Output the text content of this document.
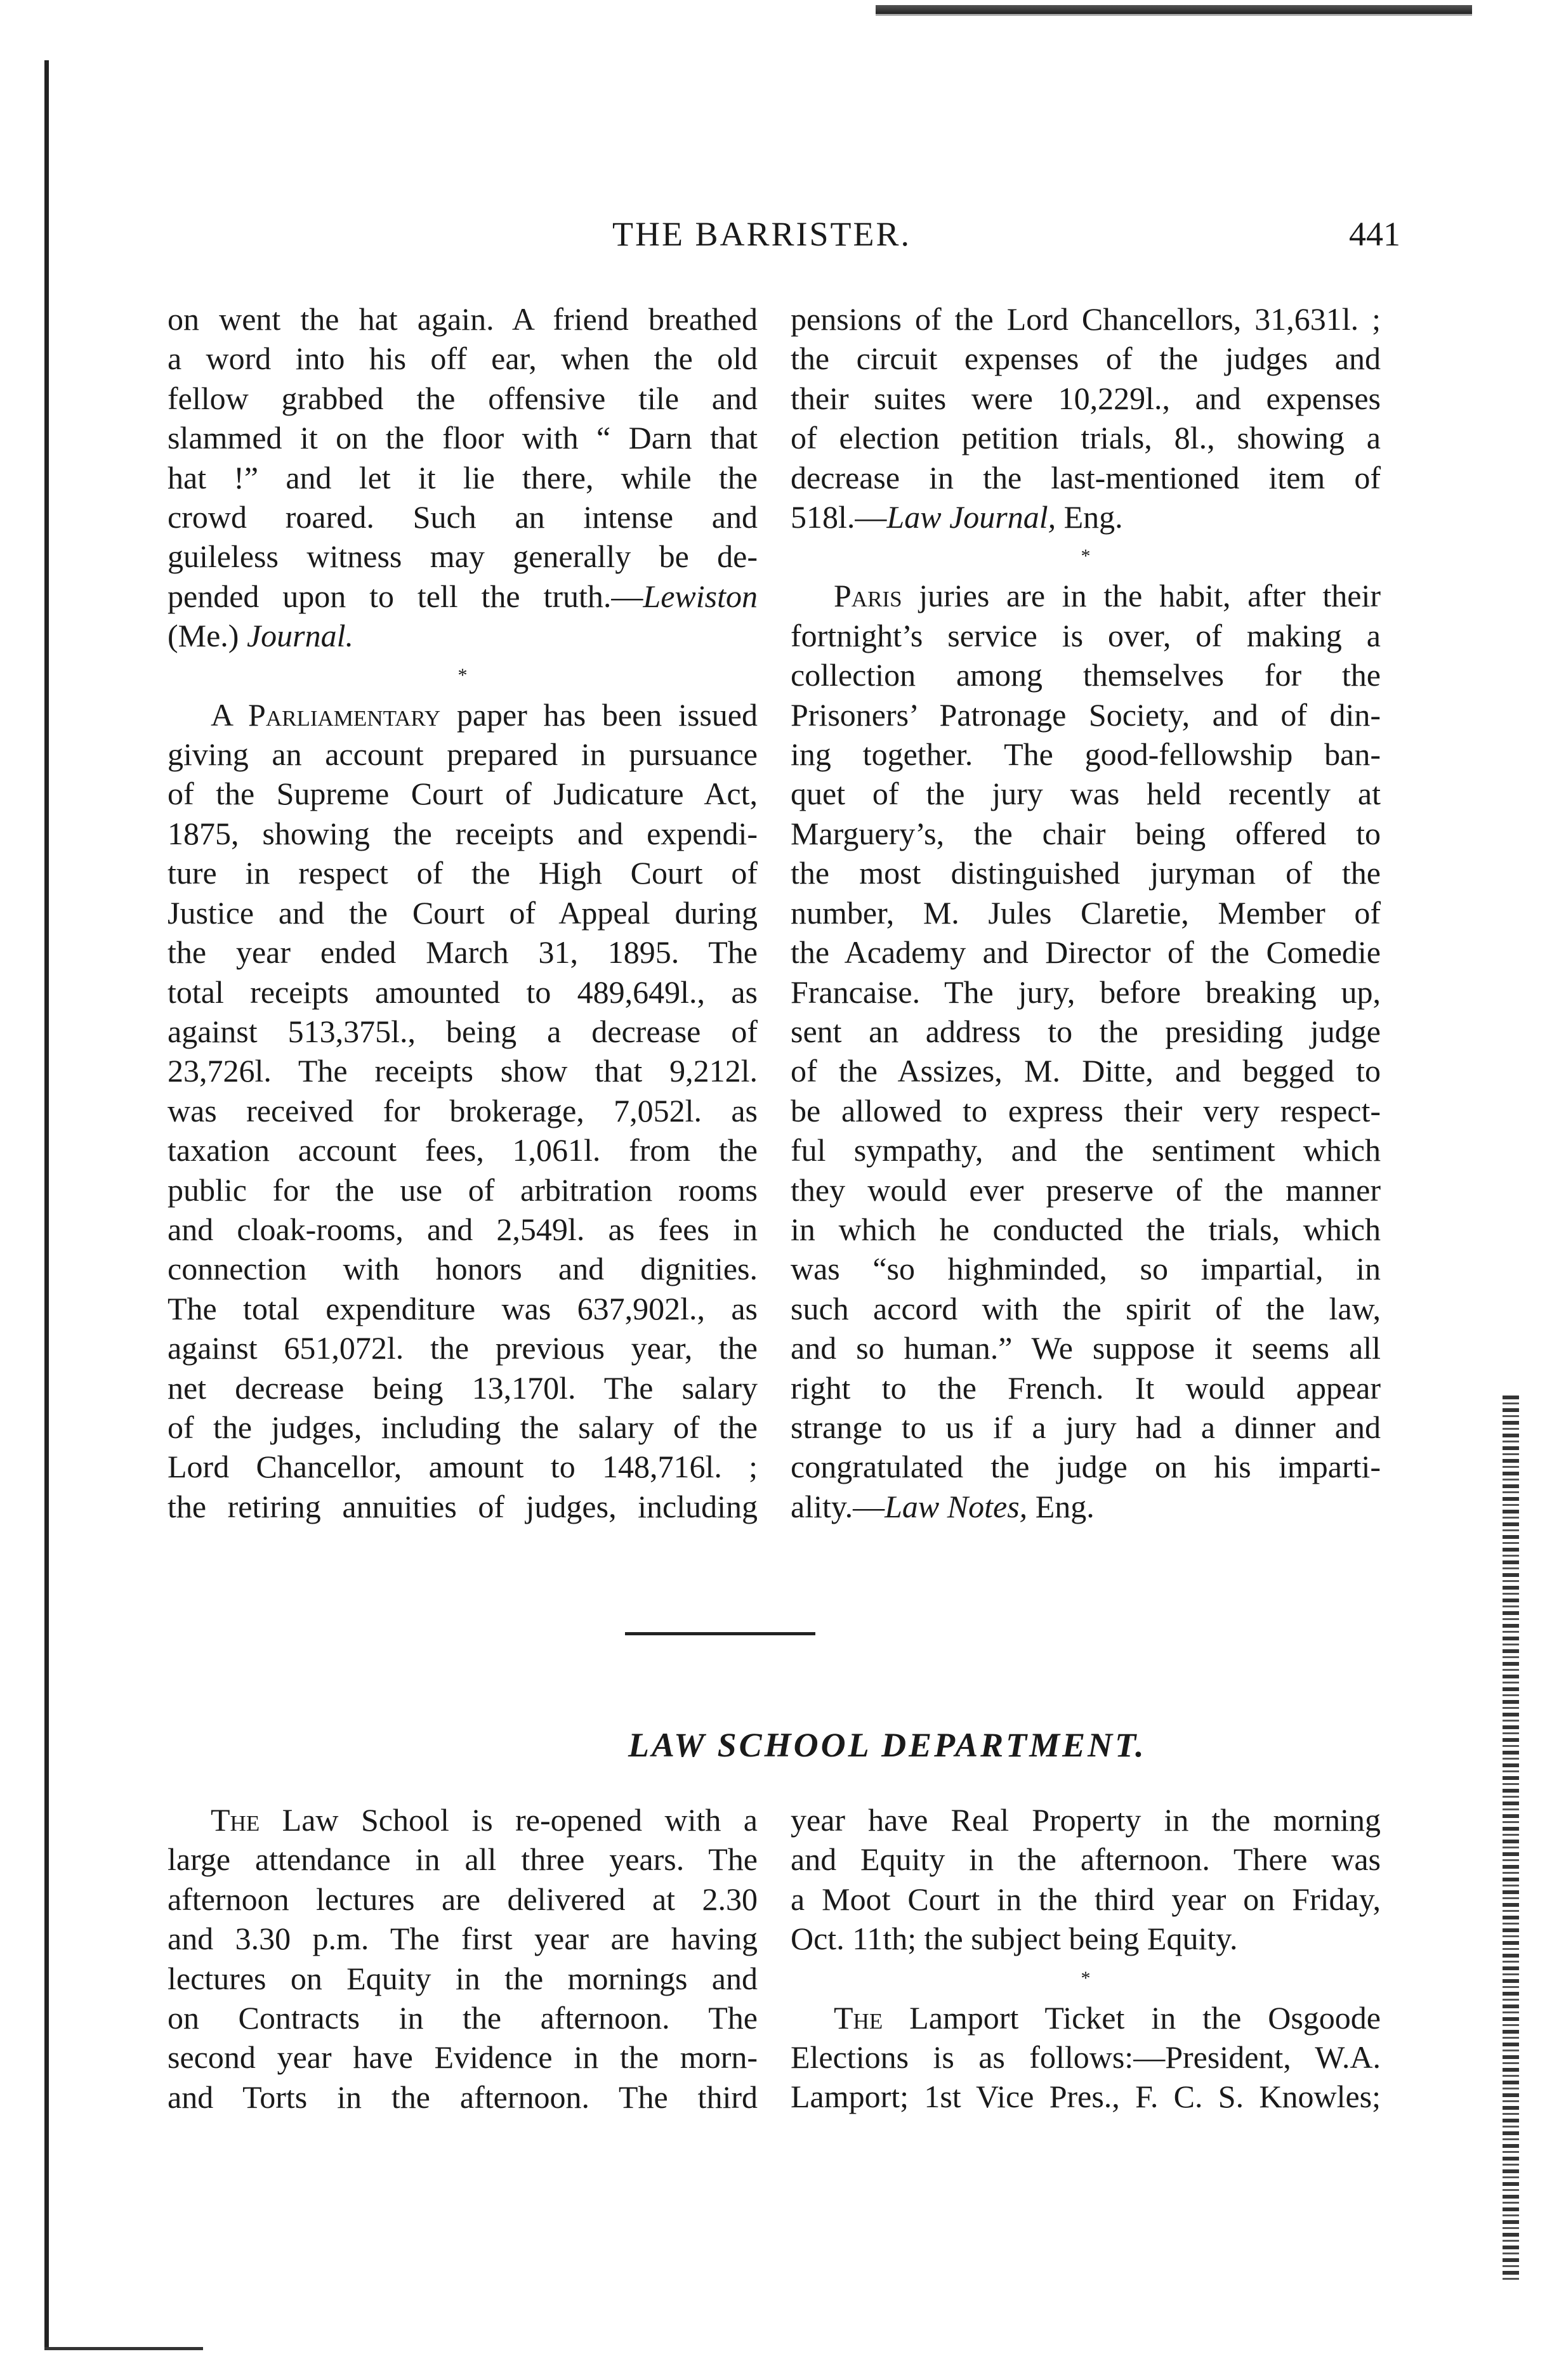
THE BARRISTER.	441

on went the hat again. A friend breathed
a word into his off ear, when the old
fellow grabbed the offensive tile and
slammed it on the floor with “ Darn that
hat !” and let it lie there, while the
crowd roared. Such an intense and
guileless witness may generally be de-
pended upon to tell the truth.—Lewiston
(Me.) Journal.

*

A Parliamentary paper has been issued
giving an account prepared in pursuance
of the Supreme Court of Judicature Act,
1875, showing the receipts and expendi-
ture in respect of the High Court of
Justice and the Court of Appeal during
the year ended March 31, 1895. The
total receipts amounted to 489,649l., as
against 513,375l., being a decrease of
23,726l. The receipts show that 9,212l.
was received for brokerage, 7,052l. as
taxation account fees, 1,061l. from the
public for the use of arbitration rooms
and cloak-rooms, and 2,549l. as fees in
connection with honors and dignities.
The total expenditure was 637,902l., as
against 651,072l. the previous year, the
net decrease being 13,170l. The salary
of the judges, including the salary of the
Lord Chancellor, amount to 148,716l. ;
the retiring annuities of judges, including

pensions of the Lord Chancellors, 31,631l. ;
the circuit expenses of the judges and
their suites were 10,229l., and expenses
of election petition trials, 8l., showing a
decrease in the last-mentioned item of
518l.—Law Journal, Eng.

*

Paris juries are in the habit, after their
fortnight’s service is over, of making a
collection among themselves for the
Prisoners’ Patronage Society, and of din-
ing together. The good-fellowship ban-
quet of the jury was held recently at
Marguery’s, the chair being offered to
the most distinguished juryman of the
number, M. Jules Claretie, Member of
the Academy and Director of the Comedie
Francaise. The jury, before breaking up,
sent an address to the presiding judge
of the Assizes, M. Ditte, and begged to
be allowed to express their very respect-
ful sympathy, and the sentiment which
they would ever preserve of the manner
in which he conducted the trials, which
was “so highminded, so impartial, in
such accord with the spirit of the law,
and so human.” We suppose it seems all
right to the French. It would appear
strange to us if a jury had a dinner and
congratulated the judge on his imparti-
ality.—Law Notes, Eng.

LAW SCHOOL DEPARTMENT.

The Law School is re-opened with a
large attendance in all three years. The
afternoon lectures are delivered at 2.30
and 3.30 p.m. The first year are having
lectures on Equity in the mornings and
on Contracts in the afternoon. The
second year have Evidence in the morn-
and Torts in the afternoon. The third

year have Real Property in the morning
and Equity in the afternoon. There was
a Moot Court in the third year on Friday,
Oct. 11th; the subject being Equity.

*

The Lamport Ticket in the Osgoode
Elections is as follows:—President, W.A.
Lamport; 1st Vice Pres., F. C. S. Knowles;
